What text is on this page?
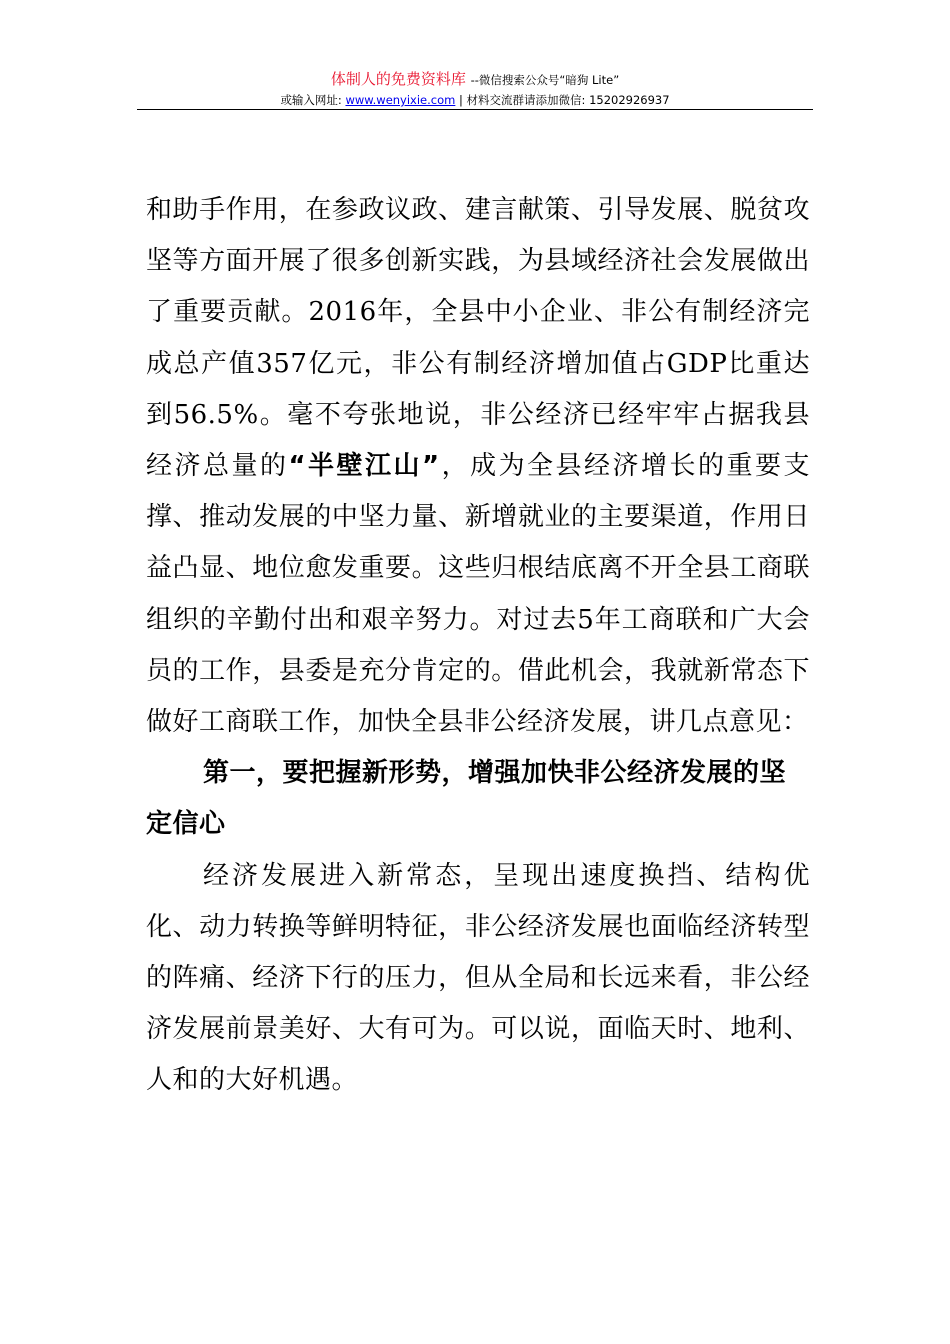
体制人的免费资料库 --微信搜索公众号“暗狗 Lite”
或输入网址: www.wenyixie.com | 材料交流群请添加微信: 15202926937

和助手作用，在参政议政、建言献策、引导发展、脱贫攻坚等方面开展了很多创新实践，为县域经济社会发展做出了重要贡献。2016年，全县中小企业、非公有制经济完成总产值357亿元，非公有制经济增加值占GDP比重达到56.5%。毫不夸张地说，非公经济已经牢牢占据我县经济总量的“半壁江山”，成为全县经济增长的重要支撑、推动发展的中坚力量、新增就业的主要渠道，作用日益凸显、地位愈发重要。这些归根结底离不开全县工商联组织的辛勤付出和艰辛努力。对过去5年工商联和广大会员的工作，县委是充分肯定的。借此机会，我就新常态下做好工商联工作，加快全县非公经济发展，讲几点意见：

第一，要把握新形势，增强加快非公经济发展的坚定信心

经济发展进入新常态，呈现出速度换挡、结构优化、动力转换等鲜明特征，非公经济发展也面临经济转型的阵痛、经济下行的压力，但从全局和长远来看，非公经济发展前景美好、大有可为。可以说，面临天时、地利、人和的大好机遇。
